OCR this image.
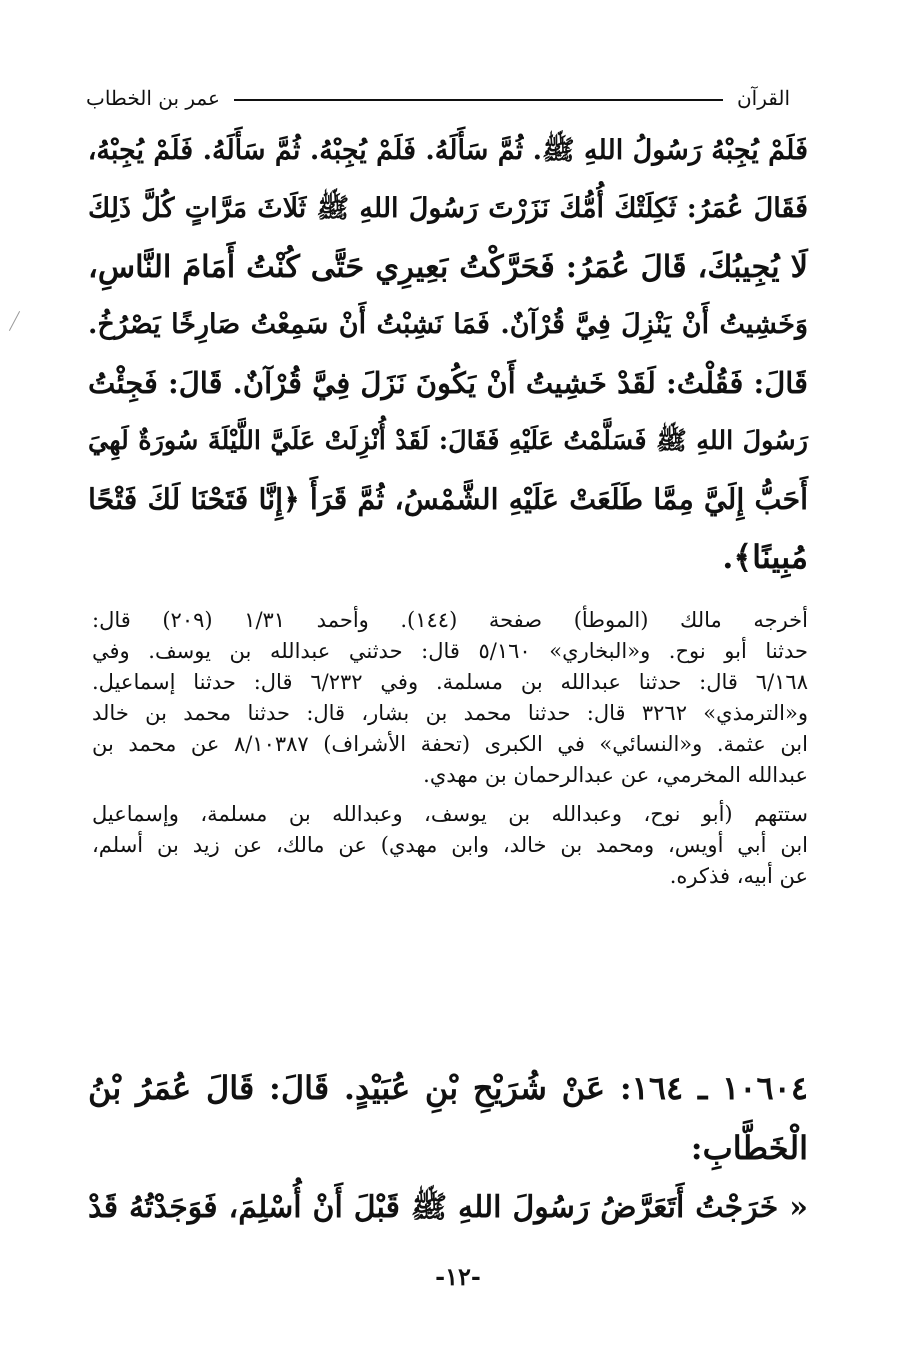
القرآن
عمر بن الخطاب
فَلَمْ يُجِبْهُ رَسُولُ اللهِ ﷺ. ثُمَّ سَأَلَهُ. فَلَمْ يُجِبْهُ. ثُمَّ سَأَلَهُ. فَلَمْ يُجِبْهُ،
فَقَالَ عُمَرُ: ثَكِلَتْكَ أُمُّكَ نَزَرْتَ رَسُولَ اللهِ ﷺ ثَلَاثَ مَرَّاتٍ كُلَّ ذَلِكَ
لَا يُجِيبُكَ، قَالَ عُمَرُ: فَحَرَّكْتُ بَعِيرِي حَتَّى كُنْتُ أَمَامَ النَّاسِ،
وَخَشِيتُ أَنْ يَنْزِلَ فِيَّ قُرْآنٌ. فَمَا نَشِبْتُ أَنْ سَمِعْتُ صَارِخًا يَصْرُخُ.
قَالَ: فَقُلْتُ: لَقَدْ خَشِيتُ أَنْ يَكُونَ نَزَلَ فِيَّ قُرْآنٌ. قَالَ: فَجِئْتُ
رَسُولَ اللهِ ﷺ فَسَلَّمْتُ عَلَيْهِ فَقَالَ: لَقَدْ أُنْزِلَتْ عَلَيَّ اللَّيْلَةَ سُورَةٌ لَهِيَ
أَحَبُّ إِلَيَّ مِمَّا طَلَعَتْ عَلَيْهِ الشَّمْسُ، ثُمَّ قَرَأَ ﴿إِنَّا فَتَحْنَا لَكَ فَتْحًا
مُبِينًا﴾.
أخرجه مالك (الموطأ) صفحة (١٤٤). وأحمد ١/٣١ (٢٠٩) قال:
حدثنا أبو نوح. و«البخاري» ٥/١٦٠ قال: حدثني عبدالله بن يوسف. وفي
٦/١٦٨ قال: حدثنا عبدالله بن مسلمة. وفي ٦/٢٣٢ قال: حدثنا إسماعيل.
و«الترمذي» ٣٢٦٢ قال: حدثنا محمد بن بشار، قال: حدثنا محمد بن خالد
ابن عثمة. و«النسائي» في الكبرى (تحفة الأشراف) ٨/١٠٣٨٧ عن محمد بن
عبدالله المخرمي، عن عبدالرحمان بن مهدي.
ستتهم (أبو نوح، وعبدالله بن يوسف، وعبدالله بن مسلمة، وإسماعيل
ابن أبي أويس، ومحمد بن خالد، وابن مهدي) عن مالك، عن زيد بن أسلم،
عن أبيه، فذكره.
١٠٦٠٤ ـ ١٦٤: عَنْ شُرَيْحِ بْنِ عُبَيْدٍ. قَالَ: قَالَ عُمَرُ بْنُ
الْخَطَّابِ:
« خَرَجْتُ أَتَعَرَّضُ رَسُولَ اللهِ ﷺ قَبْلَ أَنْ أُسْلِمَ، فَوَجَدْتُهُ قَدْ
-١٢-
